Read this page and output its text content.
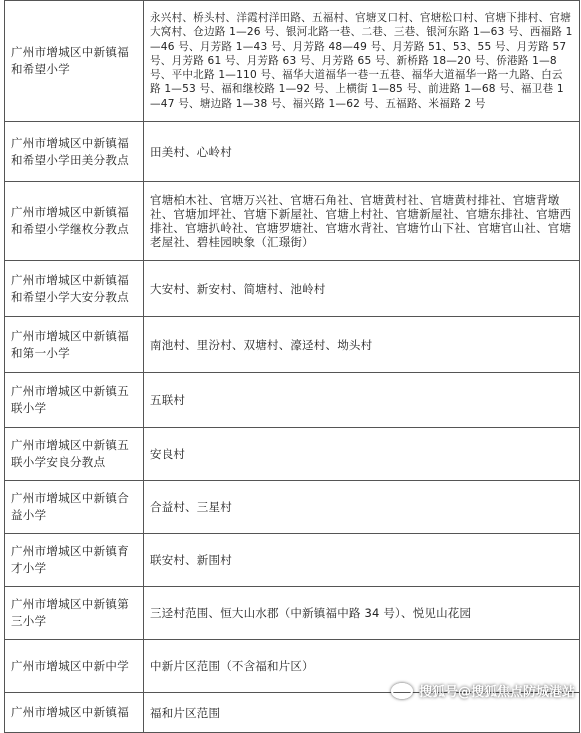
广州市增城区中新镇福和希望小学	永兴村、桥头村、洋霞村洋田路、五福村、官塘叉口村、官塘松口村、官塘下排村、官塘大窝村、仓边路 1—26 号、银河北路一巷、二巷、三巷、银河东路 1—63 号、西福路 1—46 号、月芳路 1—43 号、月芳路 48—49 号、月芳路 51、53、55 号、月芳路 57 号、月芳路 61 号、月芳路 63 号、月芳路 65 号、新桥路 18—20 号、侨港路 1—8 号、平中北路 1—110 号、福华大道福华一巷一五巷、福华大道福华一路一九路、白云路 1—53 号、福和继校路 1—92 号、上横街 1—85 号、前进路 1—68 号、福卫巷 1—47 号、塘边路 1—38 号、福兴路 1—62 号、五福路、米福路 2 号
广州市增城区中新镇福和希望小学田美分教点	田美村、心岭村
广州市增城区中新镇福和希望小学继枚分教点	官塘柏木社、官塘万兴社、官塘石角社、官塘黄村社、官塘黄村排社、官塘背墩社、官塘加坪社、官塘下新屋社、官塘上村社、官塘新屋社、官塘东排社、官塘西排社、官塘扒岭社、官塘罗塘社、官塘水背社、官塘竹山下社、官塘官山社、官塘老屋社、碧桂园映象（汇璟街）
广州市增城区中新镇福和希望小学大安分教点	大安村、新安村、简塘村、池岭村
广州市增城区中新镇福和第一小学	南池村、里汾村、双塘村、濠迳村、坳头村
广州市增城区中新镇五联小学	五联村
广州市增城区中新镇五联小学安良分教点	安良村
广州市增城区中新镇合益小学	合益村、三星村
广州市增城区中新镇育才小学	联安村、新围村
广州市增城区中新镇第三小学	三迳村范围、恒大山水郡（中新镇福中路 34 号）、悦见山花园
广州市增城区中新中学	中新片区范围（不含福和片区）
广州市增城区中新镇福	福和片区范围
搜狐号@搜狐焦点防城港站
